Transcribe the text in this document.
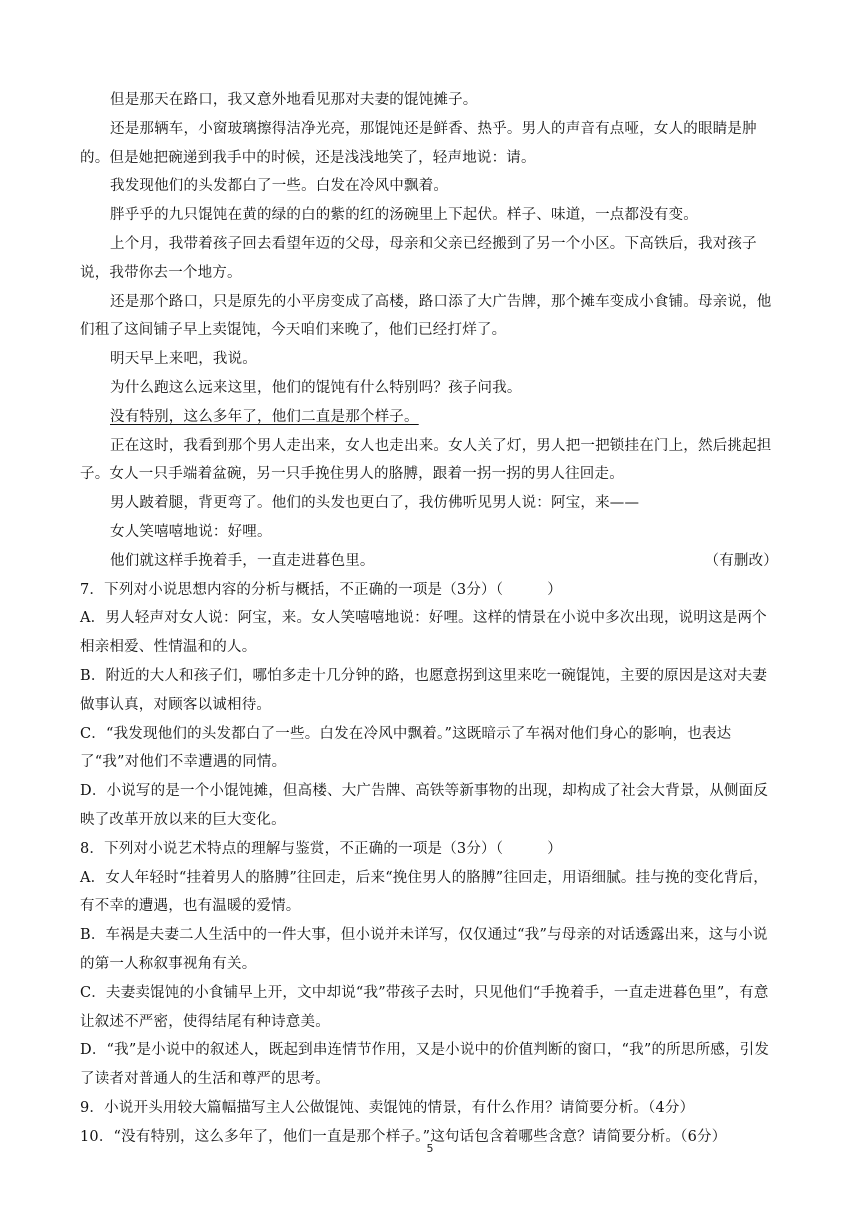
但是那天在路口，我又意外地看见那对夫妻的馄饨摊子。

还是那辆车，小窗玻璃擦得洁净光亮，那馄饨还是鲜香、热乎。男人的声音有点哑，女人的眼睛是肿的。但是她把碗递到我手中的时候，还是浅浅地笑了，轻声地说：请。

我发现他们的头发都白了一些。白发在冷风中飘着。

胖乎乎的九只馄饨在黄的绿的白的紫的红的汤碗里上下起伏。样子、味道，一点都没有变。

上个月，我带着孩子回去看望年迈的父母，母亲和父亲已经搬到了另一个小区。下高铁后，我对孩子说，我带你去一个地方。

还是那个路口，只是原先的小平房变成了高楼，路口添了大广告牌，那个摊车变成小食铺。母亲说，他们租了这间铺子早上卖馄饨，今天咱们来晚了，他们已经打烊了。

明天早上来吧，我说。

为什么跑这么远来这里，他们的馄饨有什么特别吗？孩子问我。

没有特别，这么多年了，他们二直是那个样子。

正在这时，我看到那个男人走出来，女人也走出来。女人关了灯，男人把一把锁挂在门上，然后挑起担子。女人一只手端着盆碗，另一只手挽住男人的胳膊，跟着一拐一拐的男人往回走。

男人跛着腿，背更弯了。他们的头发也更白了，我仿佛听见男人说：阿宝，来——

女人笑嘻嘻地说：好哩。

他们就这样手挽着手，一直走进暮色里。	（有删改）

7．下列对小说思想内容的分析与概括，不正确的一项是（3分）（　　　）

A．男人轻声对女人说：阿宝，来。女人笑嘻嘻地说：好哩。这样的情景在小说中多次出现，说明这是两个相亲相爱、性情温和的人。

B．附近的大人和孩子们，哪怕多走十几分钟的路，也愿意拐到这里来吃一碗馄饨，主要的原因是这对夫妻做事认真，对顾客以诚相待。

C．“我发现他们的头发都白了一些。白发在冷风中飘着。”这既暗示了车祸对他们身心的影响，也表达了“我”对他们不幸遭遇的同情。

D．小说写的是一个小馄饨摊，但高楼、大广告牌、高铁等新事物的出现，却构成了社会大背景，从侧面反映了改革开放以来的巨大变化。

8．下列对小说艺术特点的理解与鉴赏，不正确的一项是（3分）（　　　）

A．女人年轻时“挂着男人的胳膊”往回走，后来“挽住男人的胳膊”往回走，用语细腻。挂与挽的变化背后，有不幸的遭遇，也有温暖的爱情。

B．车祸是夫妻二人生活中的一件大事，但小说并未详写，仅仅通过“我”与母亲的对话透露出来，这与小说的第一人称叙事视角有关。

C．夫妻卖馄饨的小食铺早上开，文中却说“我”带孩子去时，只见他们“手挽着手，一直走进暮色里”，有意让叙述不严密，使得结尾有种诗意美。

D．“我”是小说中的叙述人，既起到串连情节作用，又是小说中的价值判断的窗口，“我”的所思所感，引发了读者对普通人的生活和尊严的思考。

9．小说开头用较大篇幅描写主人公做馄饨、卖馄饨的情景，有什么作用？请简要分析。（4分）

10．“没有特别，这么多年了，他们一直是那个样子。”这句话包含着哪些含意？请简要分析。（6分）

5
